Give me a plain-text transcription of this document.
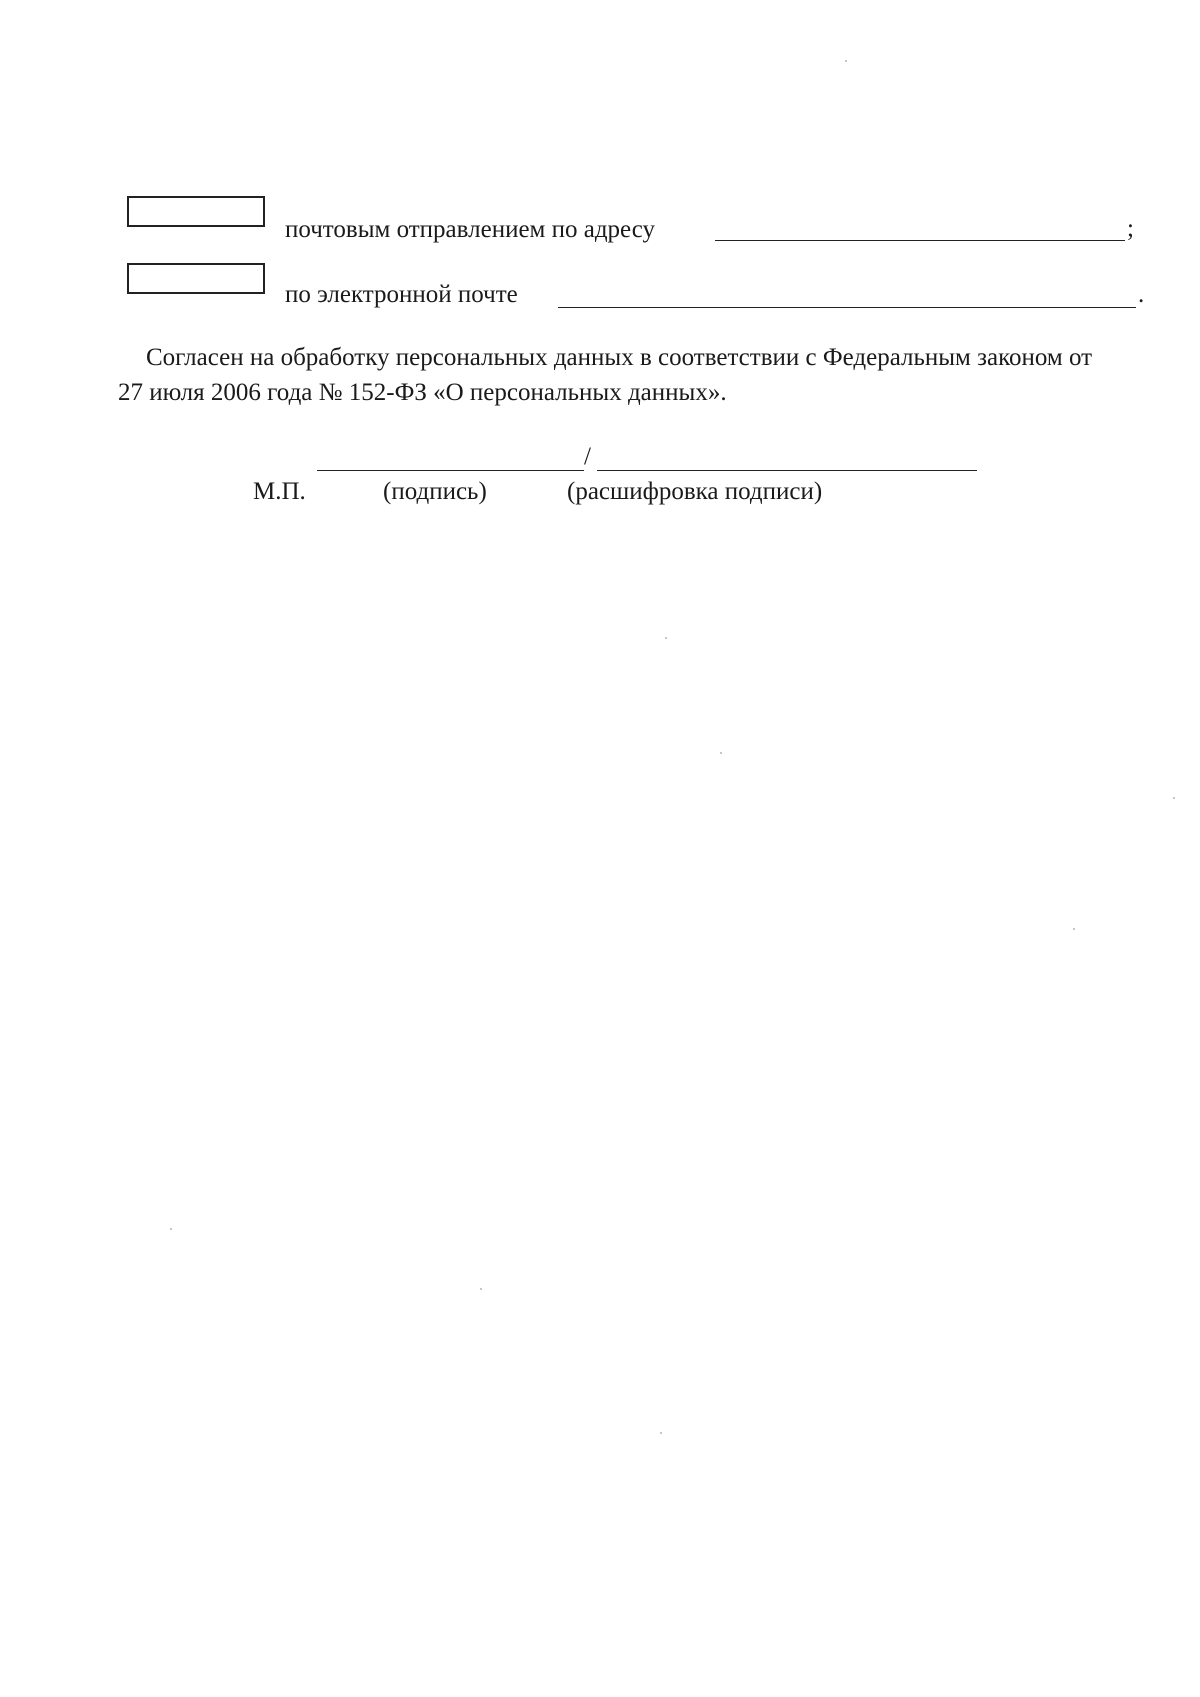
почтовым отправлением по адресу	;
по электронной почте	.

Согласен на обработку персональных данных в соответствии с Федеральным законом от 27 июля 2006 года № 152-ФЗ «О персональных данных».

/
М.П.	(подпись)	(расшифровка подписи)
